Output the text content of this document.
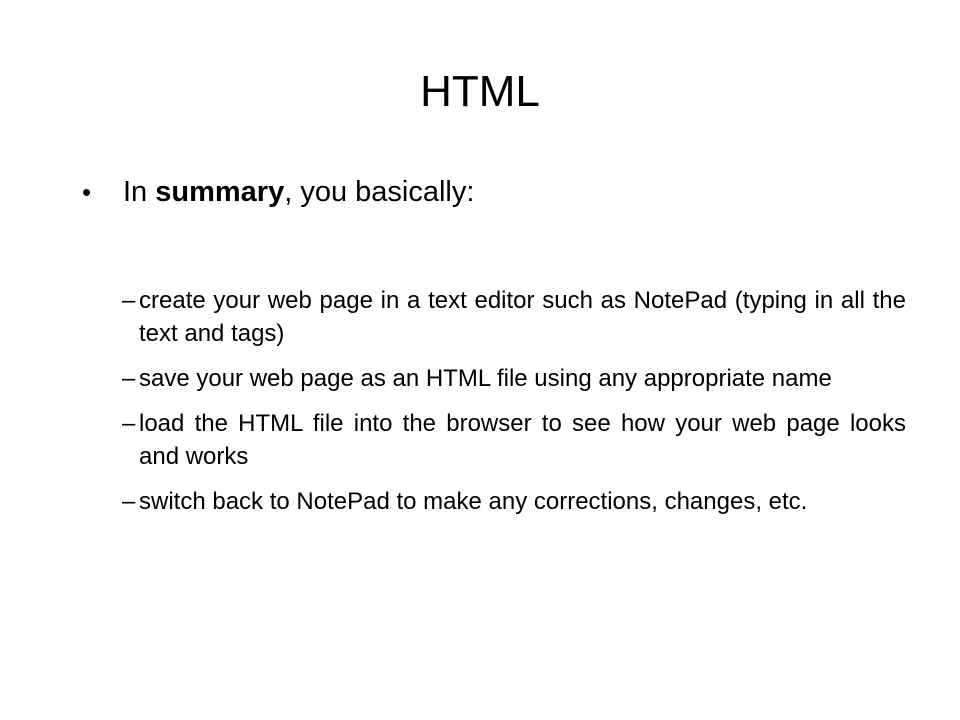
HTML
• In summary, you basically:
– create your web page in a text editor such as NotePad (typing in all the text and tags)
– save your web page as an HTML file using any appropriate name
– load the HTML file into the browser to see how your web page looks and works
– switch back to NotePad to make any corrections, changes, etc.
